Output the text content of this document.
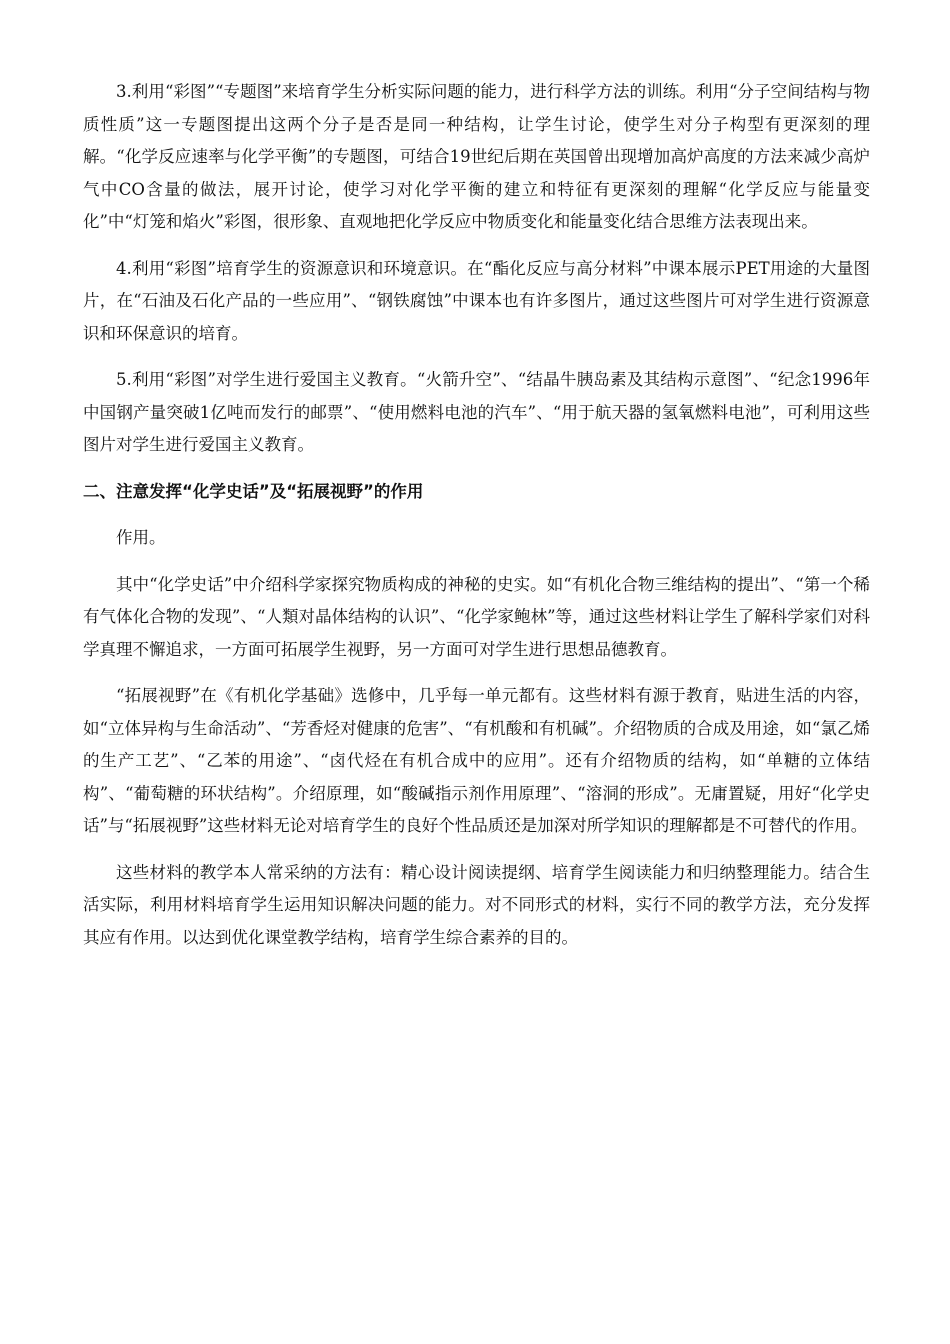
3.利用“彩图”“专题图”来培育学生分析实际问题的能力，进行科学方法的训练。利用“分子空间结构与物质性质”这一专题图提出这两个分子是否是同一种结构，让学生讨论，使学生对分子构型有更深刻的理解。“化学反应速率与化学平衡”的专题图，可结合19世纪后期在英国曾出现增加高炉高度的方法来减少高炉气中CO含量的做法，展开讨论，使学习对化学平衡的建立和特征有更深刻的理解“化学反应与能量变化”中“灯笼和焰火”彩图，很形象、直观地把化学反应中物质变化和能量变化结合思维方法表现出来。

4.利用“彩图”培育学生的资源意识和环境意识。在“酯化反应与高分材料”中课本展示PET用途的大量图片，在“石油及石化产品的一些应用”、“钢铁腐蚀”中课本也有许多图片，通过这些图片可对学生进行资源意识和环保意识的培育。

5.利用“彩图”对学生进行爱国主义教育。“火箭升空”、“结晶牛胰岛素及其结构示意图”、“纪念1996年中国钢产量突破1亿吨而发行的邮票”、“使用燃料电池的汽车”、“用于航天器的氢氧燃料电池”，可利用这些图片对学生进行爱国主义教育。

二、注意发挥“化学史话”及“拓展视野”的作用

作用。

其中“化学史话”中介绍科学家探究物质构成的神秘的史实。如“有机化合物三维结构的提出”、“第一个稀有气体化合物的发现”、“人類对晶体结构的认识”、“化学家鲍林”等，通过这些材料让学生了解科学家们对科学真理不懈追求，一方面可拓展学生视野，另一方面可对学生进行思想品德教育。

“拓展视野”在《有机化学基础》选修中，几乎每一单元都有。这些材料有源于教育，贴进生活的内容，如“立体异构与生命活动”、“芳香烃对健康的危害”、“有机酸和有机碱”。介绍物质的合成及用途，如“氯乙烯的生产工艺”、“乙苯的用途”、“卤代烃在有机合成中的应用”。还有介绍物质的结构，如“单糖的立体结构”、“葡萄糖的环状结构”。介绍原理，如“酸碱指示剂作用原理”、“溶洞的形成”。无庸置疑，用好“化学史话”与“拓展视野”这些材料无论对培育学生的良好个性品质还是加深对所学知识的理解都是不可替代的作用。

这些材料的教学本人常采纳的方法有：精心设计阅读提纲、培育学生阅读能力和归纳整理能力。结合生活实际，利用材料培育学生运用知识解决问题的能力。对不同形式的材料，实行不同的教学方法，充分发挥其应有作用。以达到优化课堂教学结构，培育学生综合素养的目的。
